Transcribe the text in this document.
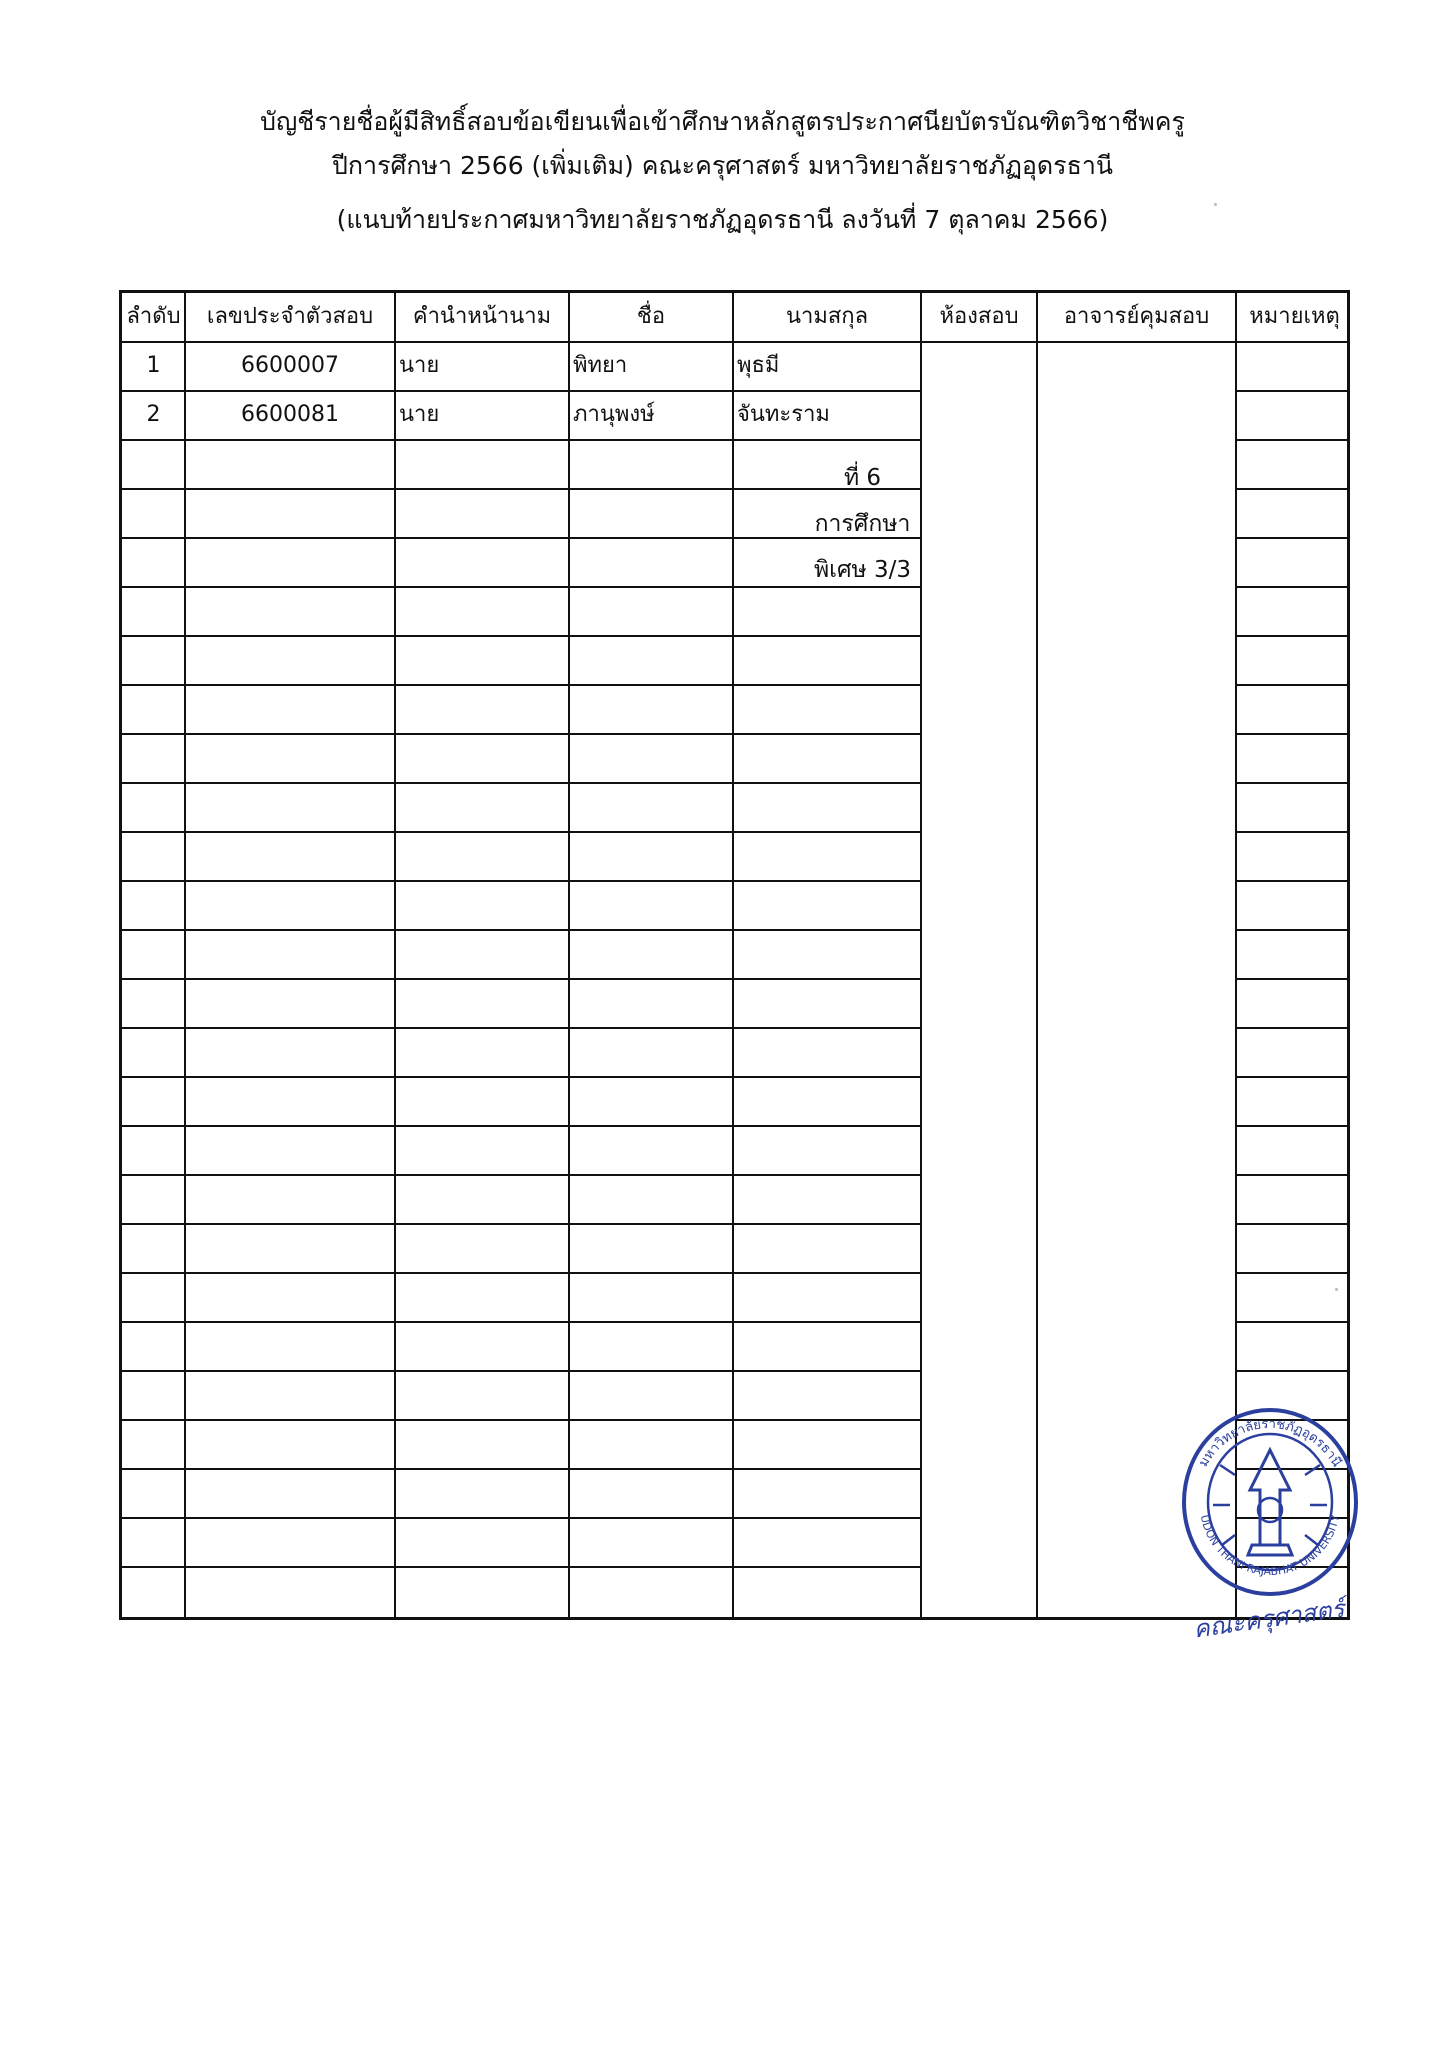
บัญชีรายชื่อผู้มีสิทธิ์สอบข้อเขียนเพื่อเข้าศึกษาหลักสูตรประกาศนียบัตรบัณฑิตวิชาชีพครู
ปีการศึกษา 2566 (เพิ่มเติม) คณะครุศาสตร์ มหาวิทยาลัยราชภัฏอุดรธานี
(แนบท้ายประกาศมหาวิทยาลัยราชภัฏอุดรธานี ลงวันที่ 7 ตุลาคม 2566)
ลำดับ	เลขประจำตัวสอบ	คำนำหน้านาม	ชื่อ	นามสกุล	ห้องสอบ	อาจารย์คุมสอบ	หมายเหตุ
1	6600007	นาย	พิทยา	พุธมี
2	6600081	นาย	ภานุพงษ์	จันทะราม
ที่ 6
การศึกษา
พิเศษ 3/3
มหาวิทยาลัยราชภัฏอุดรธานี
UDON THANI RAJABHAT UNIVERSITY
คณะครุศาสตร์
